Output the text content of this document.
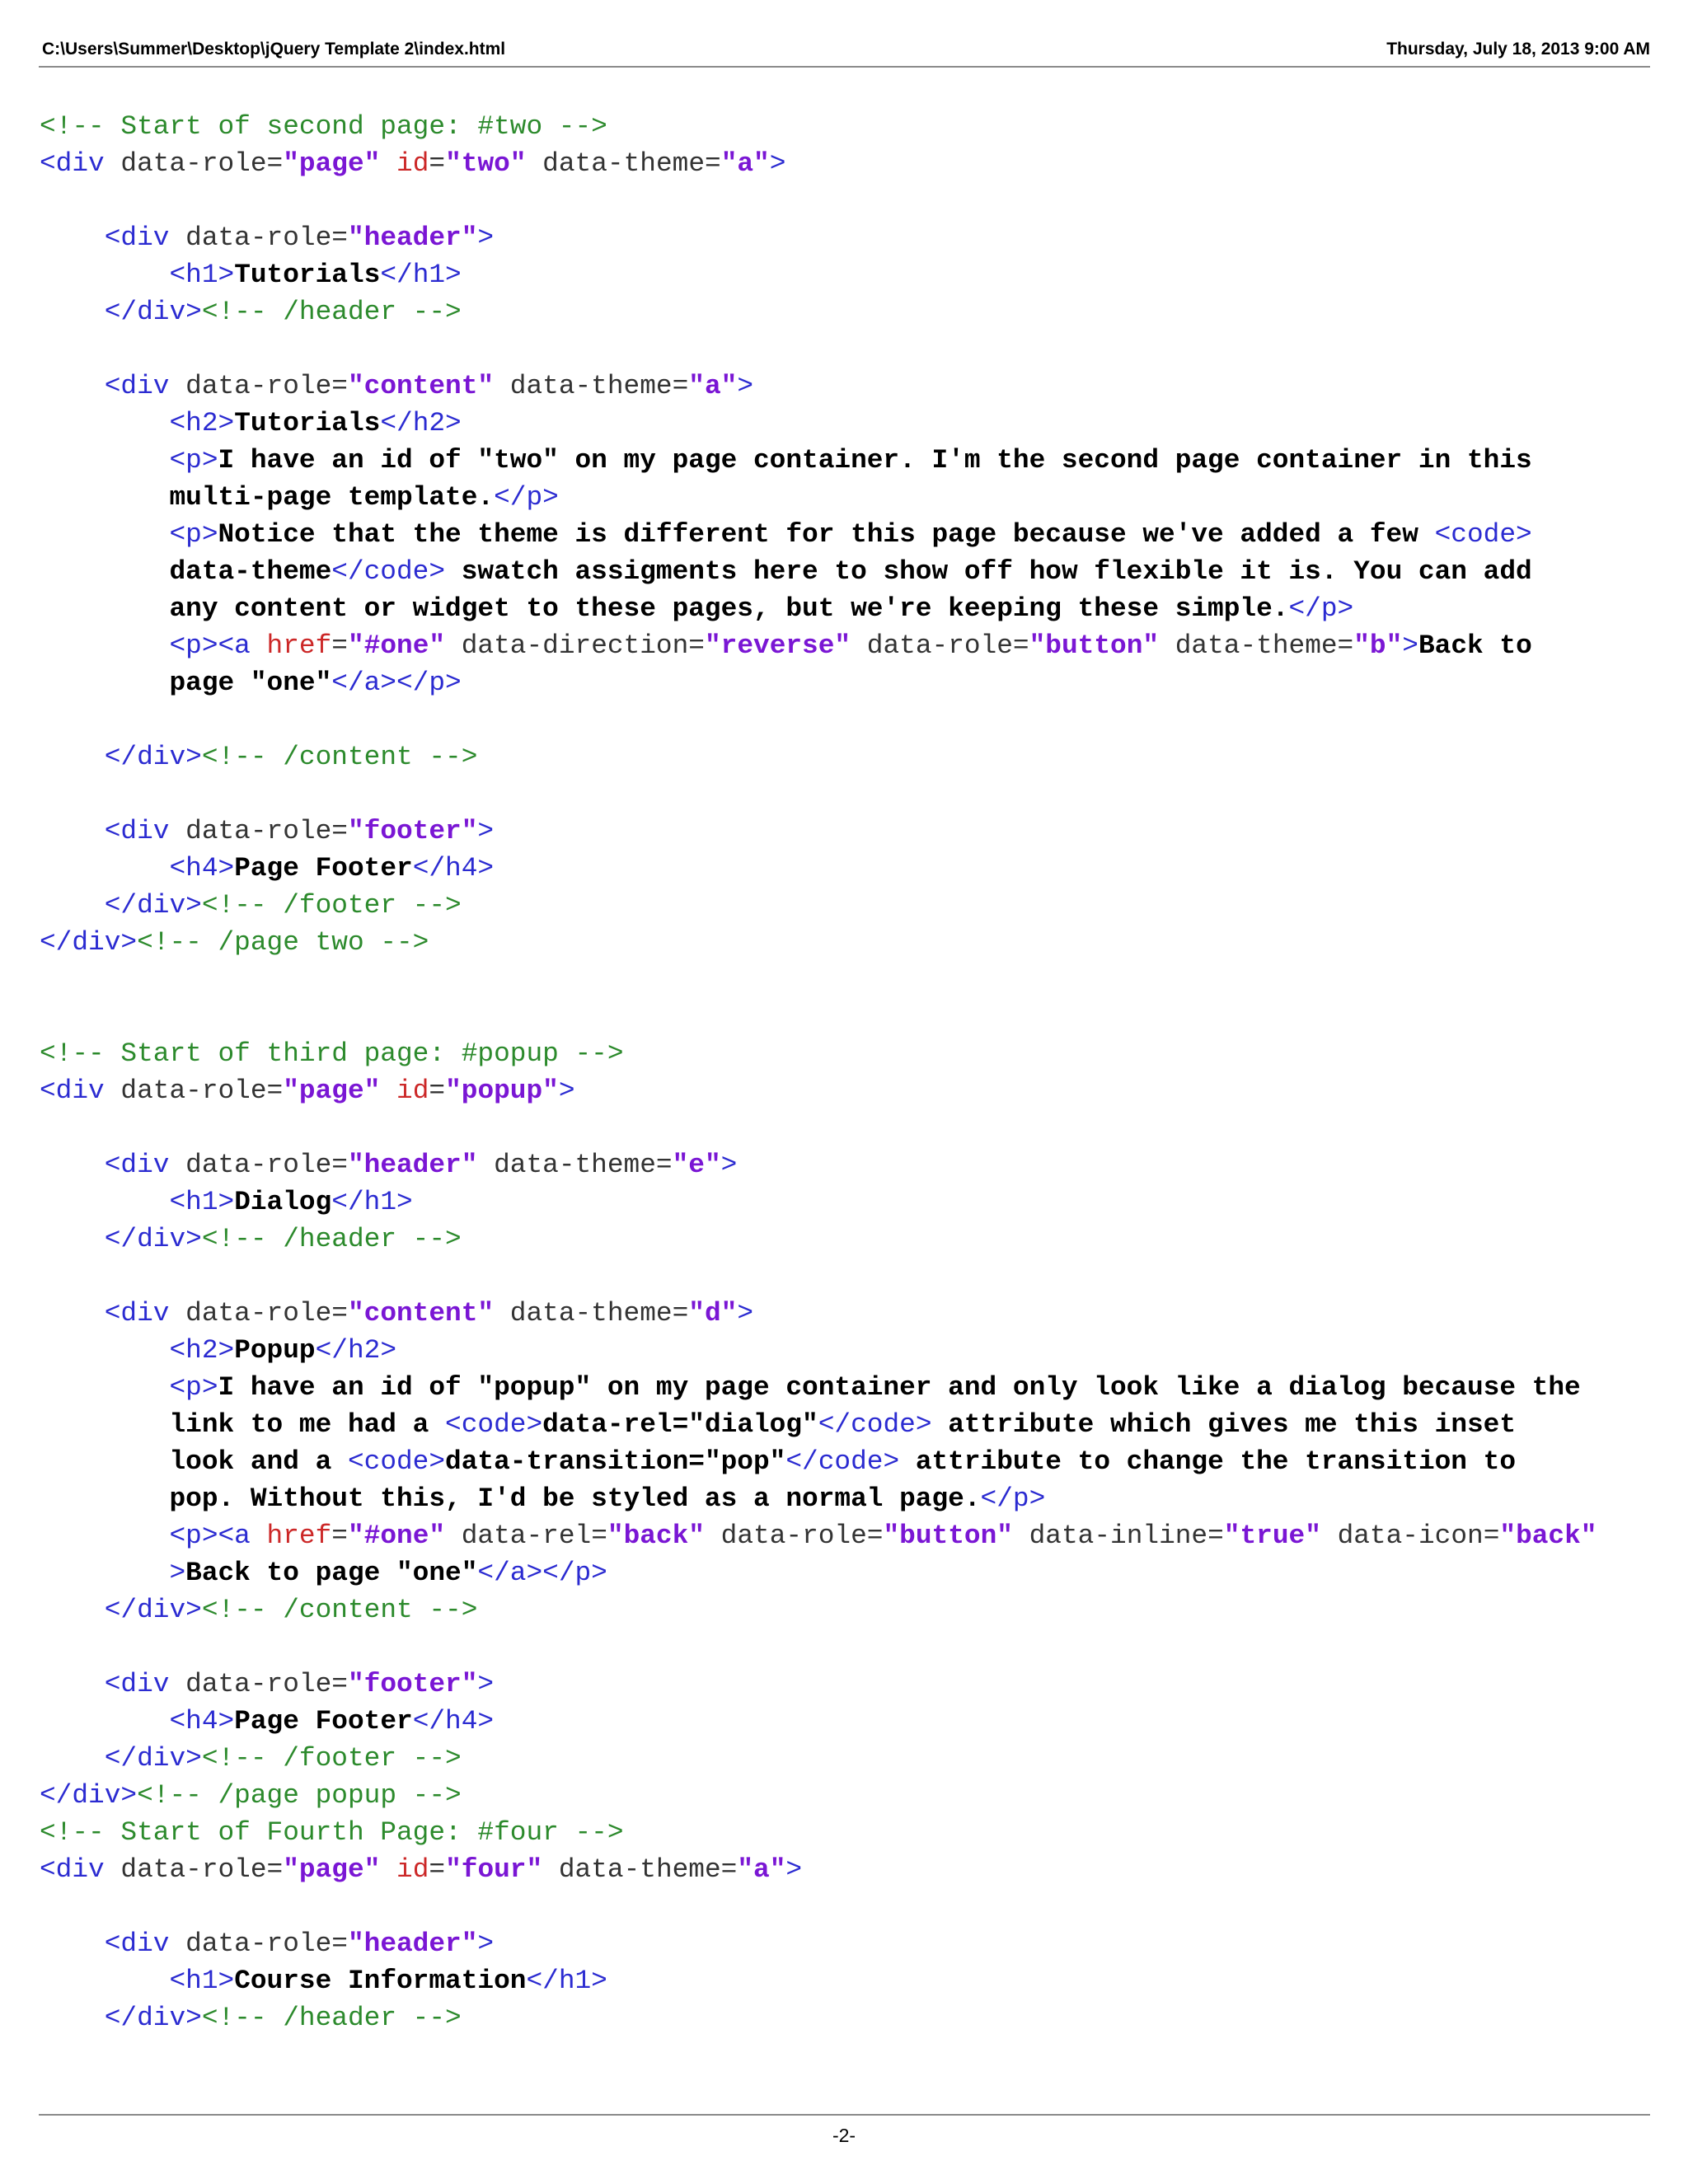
C:\Users\Summer\Desktop\jQuery Template 2\index.html	Thursday, July 18, 2013 9:00 AM
<!-- Start of second page: #two -->
<div data-role="page" id="two" data-theme="a">

<div data-role="header">
<h1>Tutorials</h1>
</div><!-- /header -->

<div data-role="content" data-theme="a">
<h2>Tutorials</h2>
<p>I have an id of "two" on my page container. I'm the second page container in this
multi-page template.</p>
<p>Notice that the theme is different for this page because we've added a few <code>
data-theme</code> swatch assigments here to show off how flexible it is. You can add
any content or widget to these pages, but we're keeping these simple.</p>
<p><a href="#one" data-direction="reverse" data-role="button" data-theme="b">Back to
page "one"</a></p>

</div><!-- /content -->

<div data-role="footer">
<h4>Page Footer</h4>
</div><!-- /footer -->
</div><!-- /page two -->

<!-- Start of third page: #popup -->
<div data-role="page" id="popup">

<div data-role="header" data-theme="e">
<h1>Dialog</h1>
</div><!-- /header -->

<div data-role="content" data-theme="d">
<h2>Popup</h2>
<p>I have an id of "popup" on my page container and only look like a dialog because the
link to me had a <code>data-rel="dialog"</code> attribute which gives me this inset
look and a <code>data-transition="pop"</code> attribute to change the transition to
pop. Without this, I'd be styled as a normal page.</p>
<p><a href="#one" data-rel="back" data-role="button" data-inline="true" data-icon="back"
>Back to page "one"</a></p>
</div><!-- /content -->

<div data-role="footer">
<h4>Page Footer</h4>
</div><!-- /footer -->
</div><!-- /page popup -->
<!-- Start of Fourth Page: #four -->
<div data-role="page" id="four" data-theme="a">

<div data-role="header">
<h1>Course Information</h1>
</div><!-- /header -->
-2-
